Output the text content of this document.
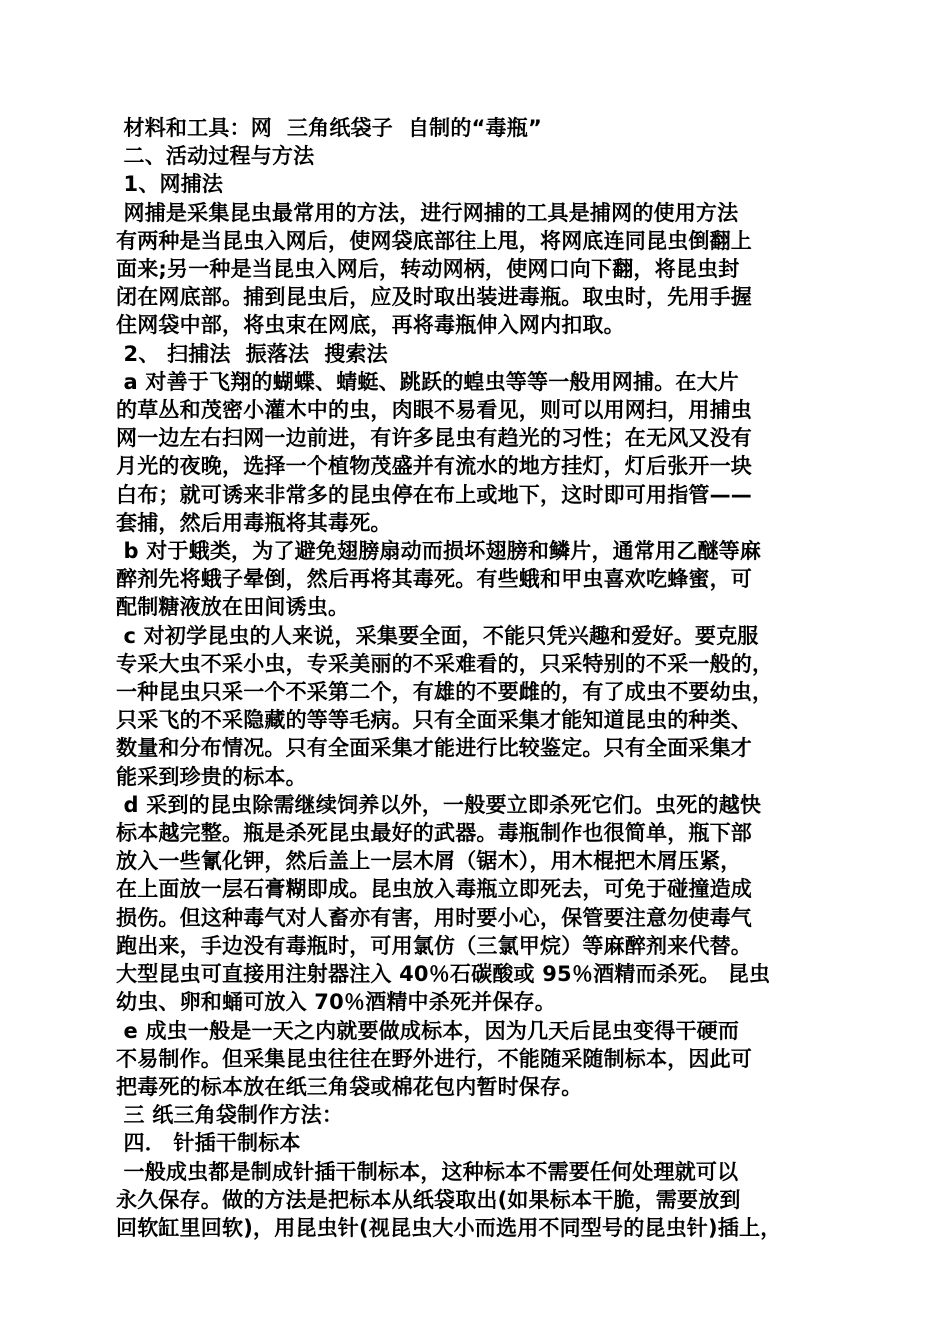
材料和工具：网  三角纸袋子  自制的“毒瓶”

二、活动过程与方法

1、网捕法

网捕是采集昆虫最常用的方法，进行网捕的工具是捕网的使用方法

有两种是当昆虫入网后，使网袋底部往上甩，将网底连同昆虫倒翻上

面来;另一种是当昆虫入网后，转动网柄，使网口向下翻，将昆虫封

闭在网底部。捕到昆虫后，应及时取出装进毒瓶。取虫时，先用手握

住网袋中部，将虫束在网底，再将毒瓶伸入网内扣取。

2、 扫捕法  振落法  搜索法

a 对善于飞翔的蝴蝶、蜻蜓、跳跃的蝗虫等等一般用网捕。在大片

的草丛和茂密小灌木中的虫，肉眼不易看见，则可以用网扫，用捕虫

网一边左右扫网一边前进，有许多昆虫有趋光的习性；在无风又没有

月光的夜晚，选择一个植物茂盛并有流水的地方挂灯，灯后张开一块

白布；就可诱来非常多的昆虫停在布上或地下，这时即可用指管——

套捕，然后用毒瓶将其毒死。

b 对于蛾类，为了避免翅膀扇动而损坏翅膀和鳞片，通常用乙醚等麻

醉剂先将蛾子晕倒，然后再将其毒死。有些蛾和甲虫喜欢吃蜂蜜，可

配制糖液放在田间诱虫。

c 对初学昆虫的人来说，采集要全面，不能只凭兴趣和爱好。要克服

专采大虫不采小虫，专采美丽的不采难看的，只采特别的不采一般的，

一种昆虫只采一个不采第二个，有雄的不要雌的，有了成虫不要幼虫，

只采飞的不采隐藏的等等毛病。只有全面采集才能知道昆虫的种类、

数量和分布情况。只有全面采集才能进行比较鉴定。只有全面采集才

能采到珍贵的标本。

d 采到的昆虫除需继续饲养以外，一般要立即杀死它们。虫死的越快

标本越完整。瓶是杀死昆虫最好的武器。毒瓶制作也很简单，瓶下部

放入一些氰化钾，然后盖上一层木屑（锯木），用木棍把木屑压紧，

在上面放一层石膏糊即成。昆虫放入毒瓶立即死去，可免于碰撞造成

损伤。但这种毒气对人畜亦有害，用时要小心，保管要注意勿使毒气

跑出来，手边没有毒瓶时，可用氯仿（三氯甲烷）等麻醉剂来代替。

大型昆虫可直接用注射器注入 40％石碳酸或 95％酒精而杀死。 昆虫

幼虫、卵和蛹可放入 70％酒精中杀死并保存。

e 成虫一般是一天之内就要做成标本，因为几天后昆虫变得干硬而

不易制作。但采集昆虫往往在野外进行，不能随采随制标本，因此可

把毒死的标本放在纸三角袋或棉花包内暂时保存。

三 纸三角袋制作方法：

四． 针插干制标本

一般成虫都是制成针插干制标本，这种标本不需要任何处理就可以

永久保存。做的方法是把标本从纸袋取出(如果标本干脆，需要放到

回软缸里回软)，用昆虫针(视昆虫大小而选用不同型号的昆虫针)插上，
